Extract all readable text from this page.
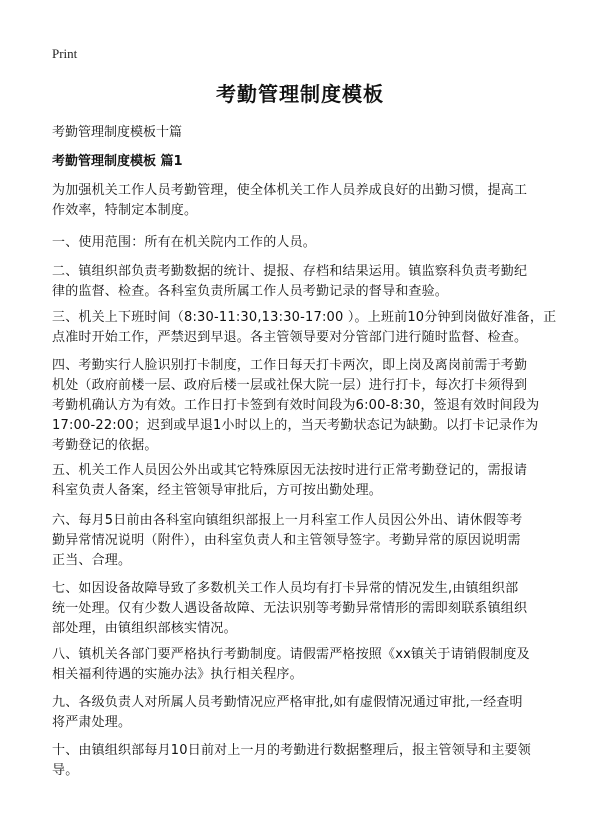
Print
考勤管理制度模板
考勤管理制度模板十篇
考勤管理制度模板 篇1
为加强机关工作人员考勤管理，使全体机关工作人员养成良好的出勤习惯，提高工
作效率，特制定本制度。
一、使用范围：所有在机关院内工作的人员。
二、镇组织部负责考勤数据的统计、提报、存档和结果运用。镇监察科负责考勤纪
律的监督、检查。各科室负责所属工作人员考勤记录的督导和查验。
三、机关上下班时间（8:30-11:30,13:30-17:00 ）。上班前10分钟到岗做好准备，正
点准时开始工作，严禁迟到早退。各主管领导要对分管部门进行随时监督、检查。
四、考勤实行人脸识别打卡制度，工作日每天打卡两次，即上岗及离岗前需于考勤
机处（政府前楼一层、政府后楼一层或社保大院一层）进行打卡，每次打卡须得到
考勤机确认方为有效。工作日打卡签到有效时间段为6:00-8:30，签退有效时间段为
17:00-22:00；迟到或早退1小时以上的，当天考勤状态记为缺勤。以打卡记录作为
考勤登记的依据。
五、机关工作人员因公外出或其它特殊原因无法按时进行正常考勤登记的，需报请
科室负责人备案，经主管领导审批后，方可按出勤处理。
六、每月5日前由各科室向镇组织部报上一月科室工作人员因公外出、请休假等考
勤异常情况说明（附件），由科室负责人和主管领导签字。考勤异常的原因说明需
正当、合理。
七、如因设备故障导致了多数机关工作人员均有打卡异常的情况发生,由镇组织部
统一处理。仅有少数人遇设备故障、无法识别等考勤异常情形的需即刻联系镇组织
部处理，由镇组织部核实情况。
八、镇机关各部门要严格执行考勤制度。请假需严格按照《xx镇关于请销假制度及
相关福利待遇的实施办法》执行相关程序。
九、各级负责人对所属人员考勤情况应严格审批,如有虚假情况通过审批,一经查明
将严肃处理。
十、由镇组织部每月10日前对上一月的考勤进行数据整理后，报主管领导和主要领
导。
